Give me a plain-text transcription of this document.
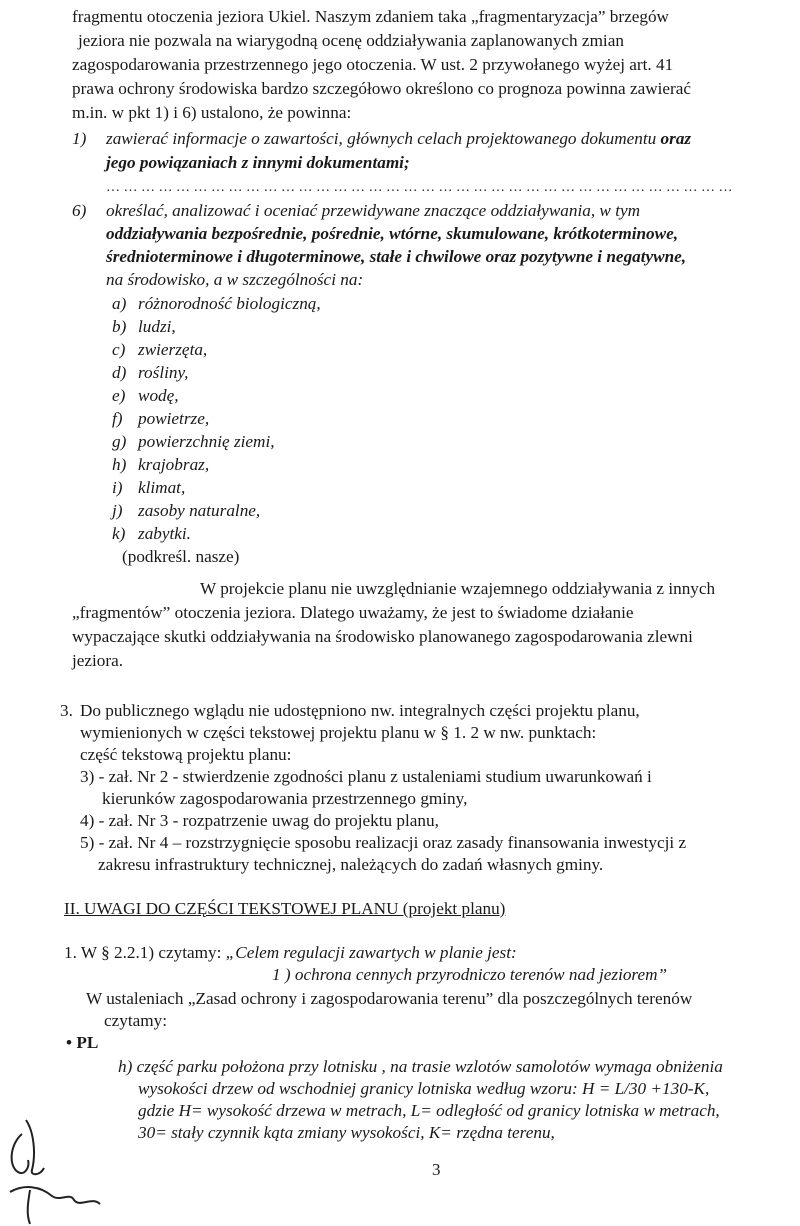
fragmentu otoczenia jeziora Ukiel. Naszym zdaniem taka „fragmentaryzacja” brzegów
jeziora nie pozwala na wiarygodną ocenę oddziaływania zaplanowanych zmian
zagospodarowania przestrzennego jego otoczenia. W ust. 2 przywołanego wyżej art. 41
prawa ochrony środowiska bardzo szczegółowo określono co prognoza powinna zawierać
m.in. w pkt 1) i 6) ustalono, że powinna:
1) zawierać informacje o zawartości, głównych celach projektowanego dokumentu oraz
jego powiązaniach z innymi dokumentami;
… … … … … … … … … … … … … … … … … … … … … … … … … … … … … … … … … … … …
6) określać, analizować i oceniać przewidywane znaczące oddziaływania, w tym
oddziaływania bezpośrednie, pośrednie, wtórne, skumulowane, krótkoterminowe,
średnioterminowe i długoterminowe, stałe i chwilowe oraz pozytywne i negatywne,
na środowisko, a w szczególności na:
a) różnorodność biologiczną,
b) ludzi,
c) zwierzęta,
d) rośliny,
e) wodę,
f) powietrze,
g) powierzchnię ziemi,
h) krajobraz,
i) klimat,
j) zasoby naturalne,
k) zabytki.
(podkreśl. nasze)
W projekcie planu nie uwzględnianie wzajemnego oddziaływania z innych
„fragmentów” otoczenia jeziora. Dlatego uważamy, że jest to świadome działanie
wypaczające skutki oddziaływania na środowisko planowanego zagospodarowania zlewni
jeziora.
3. Do publicznego wglądu nie udostępniono nw. integralnych części projektu planu,
wymienionych w części tekstowej projektu planu w § 1. 2 w nw. punktach:
część tekstową projektu planu:
3) - zał. Nr 2 - stwierdzenie zgodności planu z ustaleniami studium uwarunkowań i
kierunków zagospodarowania przestrzennego gminy,
4) - zał. Nr 3 - rozpatrzenie uwag do projektu planu,
5) - zał. Nr 4 – rozstrzygnięcie sposobu realizacji oraz zasady finansowania inwestycji z
zakresu infrastruktury technicznej, należących do zadań własnych gminy.
II. UWAGI DO CZĘŚCI TEKSTOWEJ PLANU (projekt planu)
1. W § 2.2.1) czytamy: „Celem regulacji zawartych w planie jest:
1 ) ochrona cennych przyrodniczo terenów nad jeziorem”
W ustaleniach „Zasad ochrony i zagospodarowania terenu” dla poszczególnych terenów
czytamy:
• PL
h) część parku położona przy lotnisku , na trasie wzlotów samolotów wymaga obniżenia
wysokości drzew od wschodniej granicy lotniska według wzoru: H = L/30 +130-K,
gdzie H= wysokość drzewa w metrach, L= odległość od granicy lotniska w metrach,
30= stały czynnik kąta zmiany wysokości, K= rzędna terenu,
3
